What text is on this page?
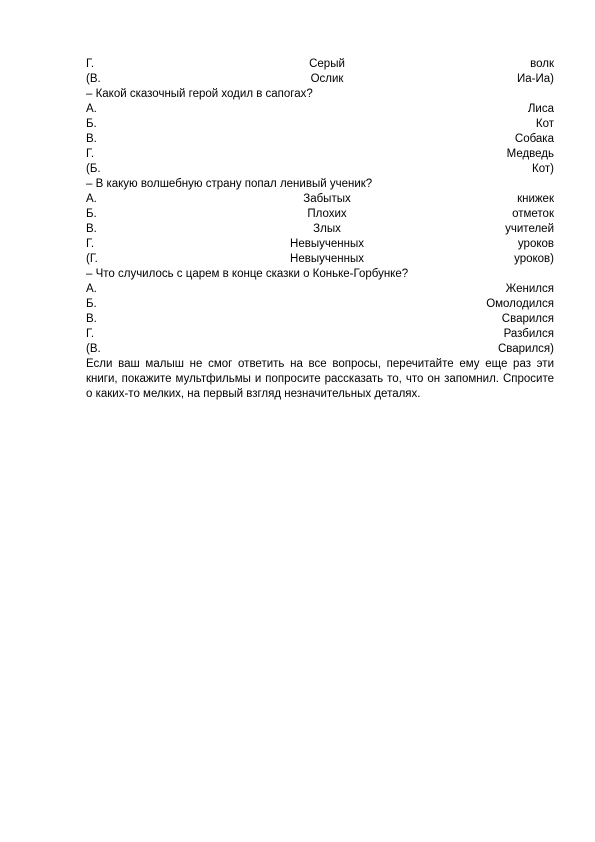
Г.	Серый	волк
(В.	Ослик	Иа-Иа)
– Какой сказочный герой ходил в сапогах?
А.	Лиса
Б.	Кот
В.	Собака
Г.	Медведь
(Б.	Кот)
– В какую волшебную страну попал ленивый ученик?
А.	Забытых	книжек
Б.	Плохих	отметок
В.	Злых	учителей
Г.	Невыученных	уроков
(Г.	Невыученных	уроков)
– Что случилось с царем в конце сказки о Коньке-Горбунке?
А.	Женился
Б.	Омолодился
В.	Сварился
Г.	Разбился
(В.	Сварился)

Если ваш малыш не смог ответить на все вопросы, перечитайте ему еще раз эти книги, покажите мультфильмы и попросите рассказать то, что он запомнил. Спросите о каких-то мелких, на первый взгляд незначительных деталях.
